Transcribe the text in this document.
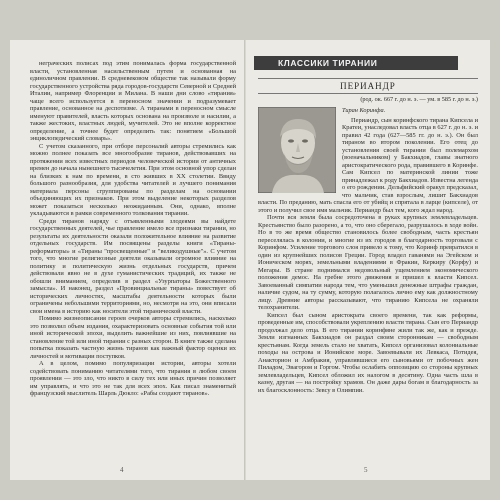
неграческих полисах под этим понималась форма государственной власти, установленная насильственным путем и основанная на единоличном правлении. В средневековом обществе так называли форму государственного устройства ряда городов-государств Северной и Средней Италии, например Флоренции и Милана. В наши дни слово «тирания» чаще всего используется в переносном значении и подразумевает правление, основанное на деспотизме. А тиранами в переносном смысле именуют правителей, власть которых основана на произволе и насилии, а также жестоких, властных людей, мучителей. Это не вполне корректное определение, а точнее будет определить так: понятием «Большой энциклопедический словарь».

С учетом сказанного, при отборе персоналий авторы стремились как можно полнее показать все многообразие тиранов, действовавших на протяжении всех известных периодов человеческой истории от античных времен до начала нынешнего тысячелетия. При этом основной упор сделан на близких к нам по времени, в сто живших в XX столетии. Ввиду большого разнообразия, для удобства читателей и лучшего понимания материала персоны сгруппированы по разделам на основании объединяющих их признаков. При этом выделение некоторых разделов может показаться несколько неожиданным. Они, однако, вполне укладываются в рамки современного толкования тирании.

Среди тиранов наряду с отъявленными злодеями вы найдете государственных деятелей, чье правление имело все признаки тирании, но результаты их деятельности оказали положительное влияние на развитие отдельных государств. Им посвящены разделы книги «Тираны-реформаторы» и «Тираны "просвещенные" и "великодушные"». С учетом того, что многие религиозные деятели оказывали огромное влияние на политику и политическую жизнь отдельных государств, причем действовали явно не в духе гуманистических традиций, их также не обошли вниманием, определив в раздел «Узурпаторы Божественного замысла». И наконец, раздел «Провинциальные тираны» повествует об исторических личностях, масштабы деятельности которых были ограничены небольшими территориями, но, несмотря на это, они вписали свои имена в историю как носители этой тиранической власти.

Помимо жизнеописания героев очерков авторы стремились, насколько это позволил объем издания, охарактеризовать основные события той или иной исторической эпохи, выделить важнейшие из них, повлиявшие на становление той или иной тирании с разных сторон. В книге также сделана попытка показать частную жизнь тиранов как важный фактор оценки их личностей и мотивации поступков.

А в целом, помимо популяризации истории, авторы хотели содействовать пониманию читателями того, что тирания в любом своем проявлении — это зло, что никто в силу тех или иных причин позволяет им управлять, и что это не так для всех эпох. Как писал знаменитый французский мыслитель Шарль Дюкло: «Рабы создают тиранов».

4
КЛАССИКИ ТИРАНИИ
ПЕРИАНДР
(род. ок. 667 г. до н. э. — ум. в 585 г. до н. э.)
Тиран Коринфа.

Периандр, сын коринфского тирана Кипсела и Кратеи, унаследовал власть отца в 627 г. до н. э. и правил 42 года (627—585 гг. до н. э.). Он был тираном во втором поколении. Его отец до установления своей тирании был полемархом (военачальником) у Бакхиадов, главы знатного аристократического рода, правившего в Коринфе. Сам Кипсел по материнской линии тоже принадлежал к роду Бакхиадов. Известна легенда о его рождении. Дельфийский оракул предсказал, что мальчик, став взрослым, лишит Бакхиадов власти. По преданию, мать спасла его от убийц и спрятала в ларце (кипселе), от этого и получил свое имя мальчик. Периандр был тем, кого ждал народ.

Почти вся земля была сосредоточена в руках крупных землевладельцев. Крестьянство было разорено, а то, что оно сберегало, разрушалось в ходе войн. Но в то же время общество становилось более свободным, часть крестьян переселялась в колонии, и многие из их городов в благодарность торговали с Коринфом. Усиление торгового слоя привело к тому, что Коринф превратился в один из крупнейших полисов Греции. Город владел гаванями на Эгейском и Ионическом морях, земельными владениями в Фракии, Керкиру (Корфу) и Мегары. В стране поднимался недовольный ущемлением экономического положения демос. На гребне этого движения и пришел к власти Кипсел. Завоеванный симпатии народа тем, что уменьшил денежные штрафы граждан, наличие судом, на ту сумму, которую полагалось лично ему как должностному лицу. Древние авторы рассказывают, что тиранию Кипсела не охраняли телохранители.

Кипсел был сыном аристократа своего времени, так как реформы, проведенные им, способствовали укреплению власти тирана. Сын его Периандр продолжал дело отца. В его тирании коринфяне жили так же, как и прежде. Земли изгнанных Бакхиадов он раздал своим сторонникам — свободным крестьянам. Когда земель стало не хватать, Кипсел организовал колониальные походы на острова и Ионийское море. Завоевывали их Левкаса, Потидея, Анакторион и Амбракия, управлявшиеся его сыновьями от побочных жен Пиладом, Эвагором и Горгом. Чтобы ослабить оппозицию со стороны крупных землевладельцев, Кипсел обложил их налогом в десятину. Одна часть шла в казну, другая — на постройку храмов. Он даже дары богам в благодарность за их благосклонность: Зевсу в Олимпии.

5
